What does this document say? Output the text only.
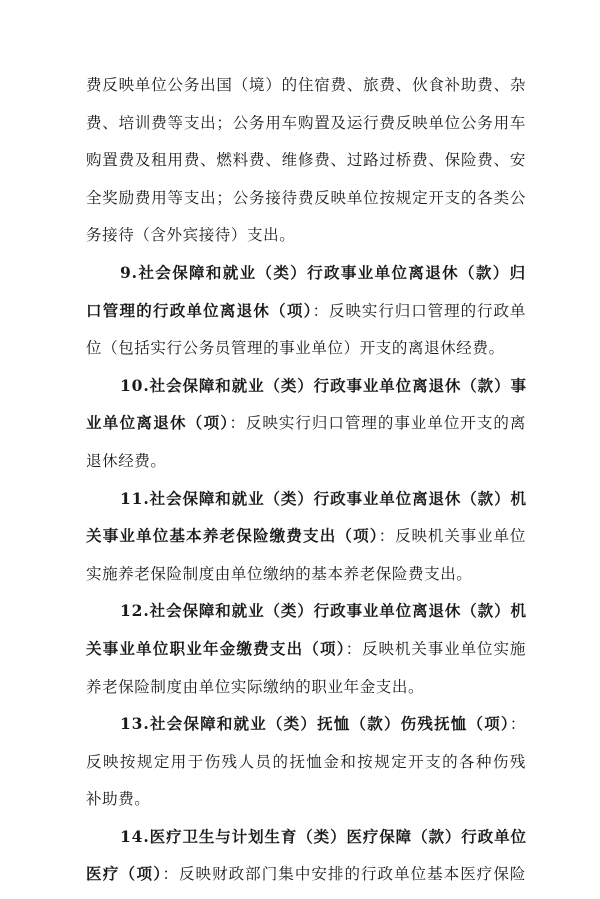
费反映单位公务出国（境）的住宿费、旅费、伙食补助费、杂
费、培训费等支出；公务用车购置及运行费反映单位公务用车
购置费及租用费、燃料费、维修费、过路过桥费、保险费、安
全奖励费用等支出；公务接待费反映单位按规定开支的各类公
务接待（含外宾接待）支出。
9.社会保障和就业（类）行政事业单位离退休（款）归
口管理的行政单位离退休（项）：反映实行归口管理的行政单
位（包括实行公务员管理的事业单位）开支的离退休经费。
10.社会保障和就业（类）行政事业单位离退休（款）事
业单位离退休（项）：反映实行归口管理的事业单位开支的离
退休经费。
11.社会保障和就业（类）行政事业单位离退休（款）机
关事业单位基本养老保险缴费支出（项）：反映机关事业单位
实施养老保险制度由单位缴纳的基本养老保险费支出。
12.社会保障和就业（类）行政事业单位离退休（款）机
关事业单位职业年金缴费支出（项）：反映机关事业单位实施
养老保险制度由单位实际缴纳的职业年金支出。
13.社会保障和就业（类）抚恤（款）伤残抚恤（项）：
反映按规定用于伤残人员的抚恤金和按规定开支的各种伤残
补助费。
14.医疗卫生与计划生育（类）医疗保障（款）行政单位
医疗（项）：反映财政部门集中安排的行政单位基本医疗保险
